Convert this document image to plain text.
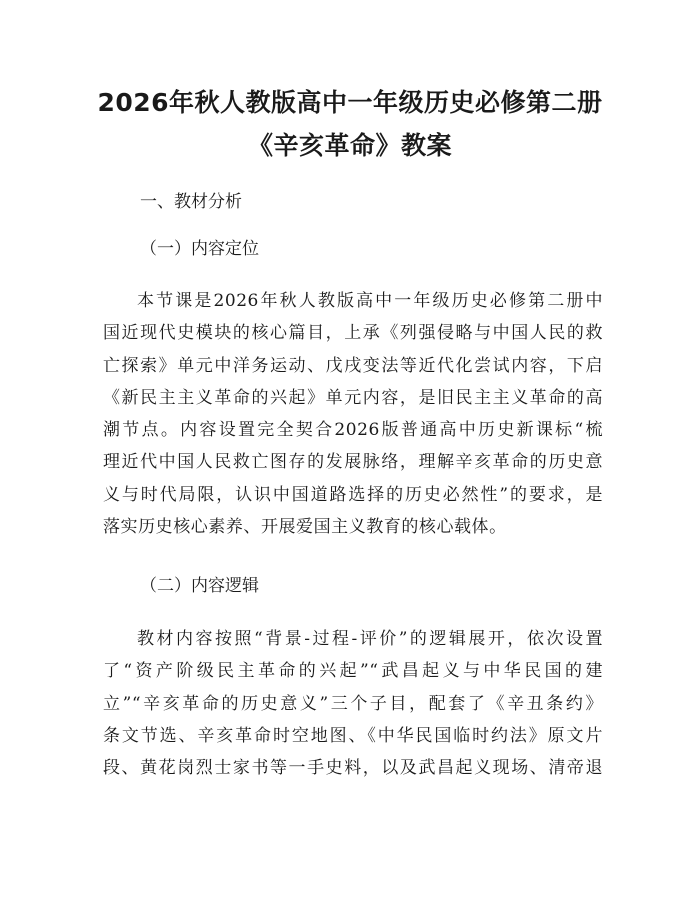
2026年秋人教版高中一年级历史必修第二册
《辛亥革命》教案

一、教材分析

（一）内容定位

本节课是2026年秋人教版高中一年级历史必修第二册中
国近现代史模块的核心篇目，上承《列强侵略与中国人民的救
亡探索》单元中洋务运动、戊戌变法等近代化尝试内容，下启
《新民主主义革命的兴起》单元内容，是旧民主主义革命的高
潮节点。内容设置完全契合2026版普通高中历史新课标“梳
理近代中国人民救亡图存的发展脉络，理解辛亥革命的历史意
义与时代局限，认识中国道路选择的历史必然性”的要求，是
落实历史核心素养、开展爱国主义教育的核心载体。

（二）内容逻辑

教材内容按照“背景-过程-评价”的逻辑展开，依次设置
了“资产阶级民主革命的兴起”“武昌起义与中华民国的建
立”“辛亥革命的历史意义”三个子目，配套了《辛丑条约》
条文节选、辛亥革命时空地图、《中华民国临时约法》原文片
段、黄花岗烈士家书等一手史料，以及武昌起义现场、清帝退
